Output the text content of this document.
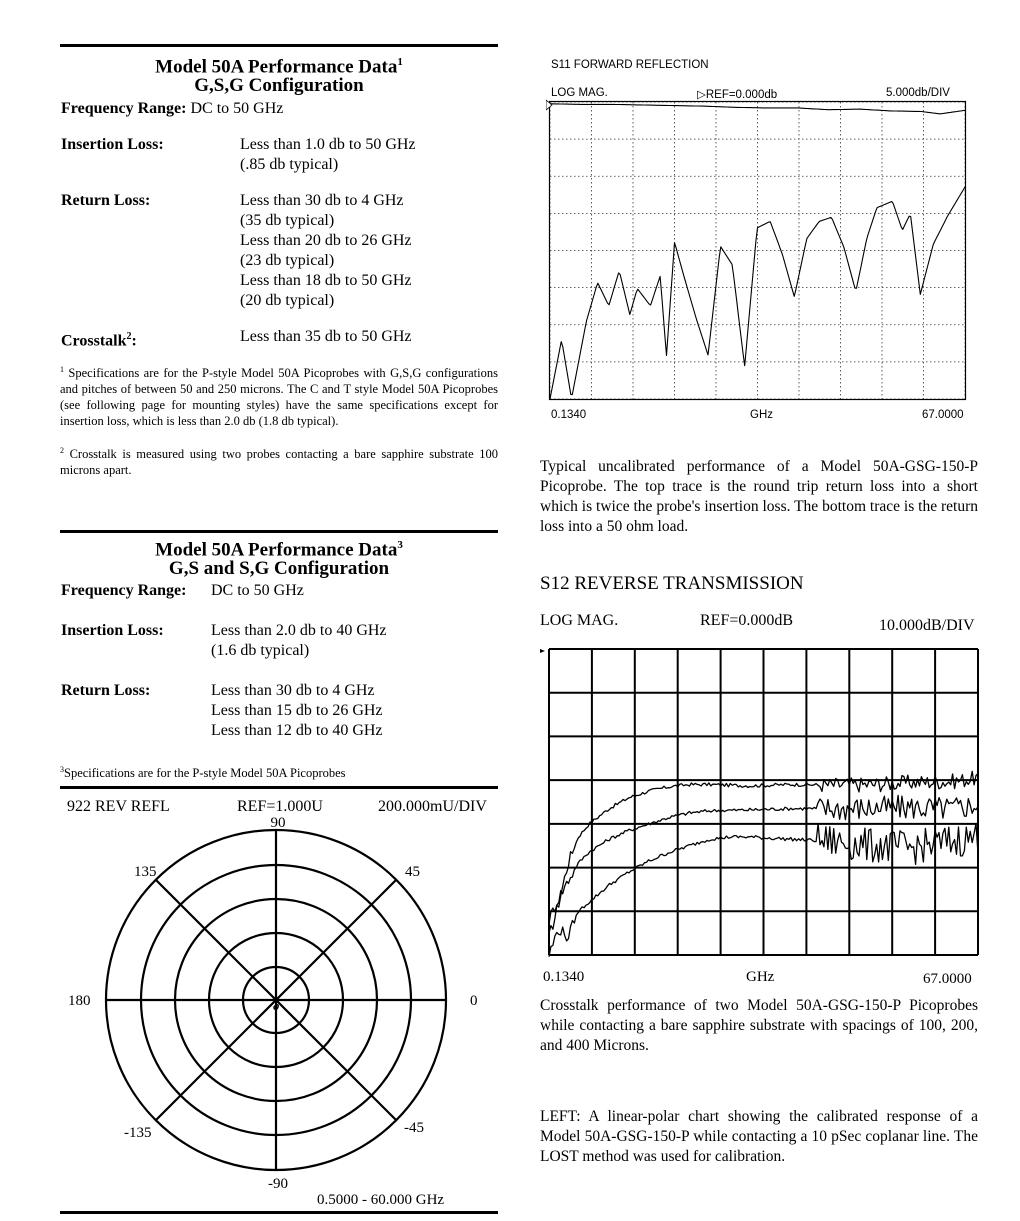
Model 50A Performance Data$^1$
G,S,G Configuration
Frequency Range: DC to 50 GHz
Insertion Loss:	Less than 1.0 db to 50 GHz
(.85 db typical)
Return Loss:	Less than 30 db to 4 GHz
(35 db typical)
Less than 20 db to 26 GHz
(23 db typical)
Less than 18 db to 50 GHz
(20 db typical)
Crosstalk$^2$:	Less than 35 db to 50 GHz
$^1$ Specifications are for the P-style Model 50A Picoprobes with G,S,G configurations and pitches of between 50 and 250 microns. The C and T style Model 50A Picoprobes (see following page for mounting styles) have the same specifications except for insertion loss, which is less than 2.0 db (1.8 db typical).
$^2$ Crosstalk is measured using two probes contacting a bare sapphire substrate 100 microns apart.
Model 50A Performance Data$^3$
G,S and S,G Configuration
Frequency Range: DC to 50 GHz
Insertion Loss:	Less than 2.0 db to 40 GHz
(1.6 db typical)
Return Loss:	Less than 30 db to 4 GHz
Less than 15 db to 26 GHz
Less than 12 db to 40 GHz
$^3$Specifications are for the P-style Model 50A Picoprobes
922 REV REFL	REF=1.000U	200.000mU/DIV
90
135	45
180	0
-135	-45
-90
0.5000 - 60.000 GHz
S11 FORWARD REFLECTION
LOG MAG.	▷REF=0.000db	5.000db/DIV
0.1340	GHz	67.0000
Typical uncalibrated performance of a Model 50A-GSG-150-P Picoprobe. The top trace is the round trip return loss into a short which is twice the probe's insertion loss. The bottom trace is the return loss into a 50 ohm load.
S12 REVERSE TRANSMISSION
LOG MAG.	REF=0.000dB	10.000dB/DIV
0.1340	GHz	67.0000
Crosstalk performance of two Model 50A-GSG-150-P Picoprobes while contacting a bare sapphire substrate with spacings of 100, 200, and 400 Microns.
LEFT: A linear-polar chart showing the calibrated response of a Model 50A-GSG-150-P while contacting a 10 pSec coplanar line. The LOST method was used for calibration.
